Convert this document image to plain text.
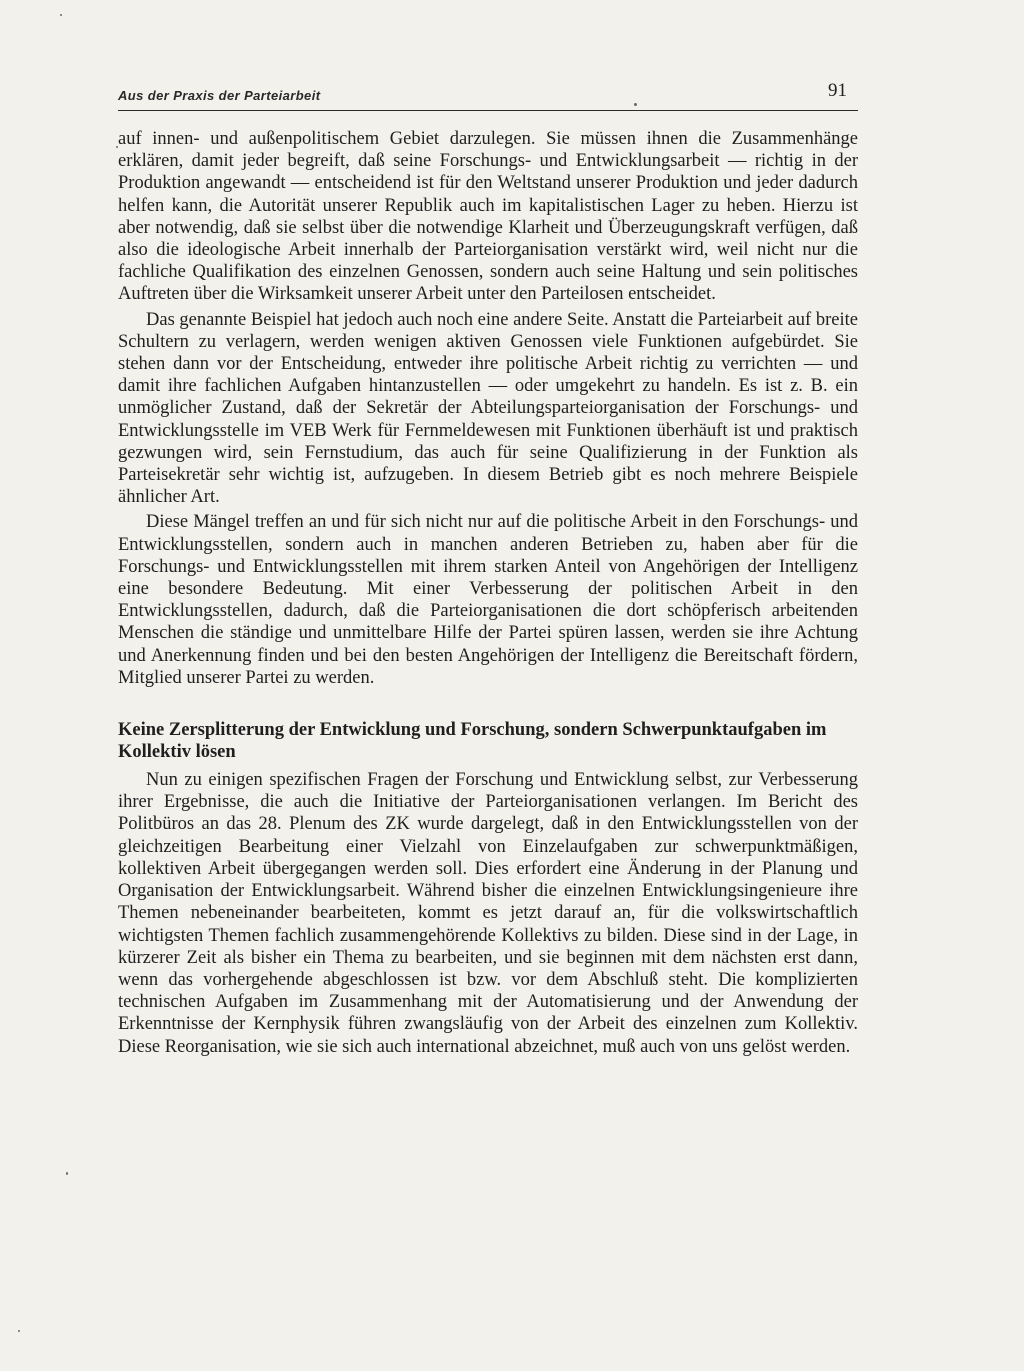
Aus der Praxis der Parteiarbeit	91

auf innen- und außenpolitischem Gebiet darzulegen. Sie müssen ihnen die Zusammenhänge erklären, damit jeder begreift, daß seine Forschungs- und Entwicklungsarbeit — richtig in der Produktion angewandt — entscheidend ist für den Weltstand unserer Produktion und jeder dadurch helfen kann, die Autorität unserer Republik auch im kapitalistischen Lager zu heben. Hierzu ist aber notwendig, daß sie selbst über die notwendige Klarheit und Überzeugungskraft verfügen, daß also die ideologische Arbeit innerhalb der Parteiorganisation verstärkt wird, weil nicht nur die fachliche Qualifikation des einzelnen Genossen, sondern auch seine Haltung und sein politisches Auftreten über die Wirksamkeit unserer Arbeit unter den Parteilosen entscheidet.

Das genannte Beispiel hat jedoch auch noch eine andere Seite. Anstatt die Parteiarbeit auf breite Schultern zu verlagern, werden wenigen aktiven Genossen viele Funktionen aufgebürdet. Sie stehen dann vor der Entscheidung, entweder ihre politische Arbeit richtig zu verrichten — und damit ihre fachlichen Aufgaben hintanzustellen — oder umgekehrt zu handeln. Es ist z. B. ein unmöglicher Zustand, daß der Sekretär der Abteilungsparteiorganisation der Forschungs- und Entwicklungsstelle im VEB Werk für Fernmeldewesen mit Funktionen überhäuft ist und praktisch gezwungen wird, sein Fernstudium, das auch für seine Qualifizierung in der Funktion als Parteisekretär sehr wichtig ist, aufzugeben. In diesem Betrieb gibt es noch mehrere Beispiele ähnlicher Art.

Diese Mängel treffen an und für sich nicht nur auf die politische Arbeit in den Forschungs- und Entwicklungsstellen, sondern auch in manchen anderen Betrieben zu, haben aber für die Forschungs- und Entwicklungsstellen mit ihrem starken Anteil von Angehörigen der Intelligenz eine besondere Bedeutung. Mit einer Verbesserung der politischen Arbeit in den Entwicklungsstellen, dadurch, daß die Parteiorganisationen die dort schöpferisch arbeitenden Menschen die ständige und unmittelbare Hilfe der Partei spüren lassen, werden sie ihre Achtung und Anerkennung finden und bei den besten Angehörigen der Intelligenz die Bereitschaft fördern, Mitglied unserer Partei zu werden.

Keine Zersplitterung der Entwicklung und Forschung, sondern Schwerpunktaufgaben im Kollektiv lösen

Nun zu einigen spezifischen Fragen der Forschung und Entwicklung selbst, zur Verbesserung ihrer Ergebnisse, die auch die Initiative der Parteiorganisationen verlangen. Im Bericht des Politbüros an das 28. Plenum des ZK wurde dargelegt, daß in den Entwicklungsstellen von der gleichzeitigen Bearbeitung einer Vielzahl von Einzelaufgaben zur schwerpunktmäßigen, kollektiven Arbeit übergegangen werden soll. Dies erfordert eine Änderung in der Planung und Organisation der Entwicklungsarbeit. Während bisher die einzelnen Entwicklungsingenieure ihre Themen nebeneinander bearbeiteten, kommt es jetzt darauf an, für die volkswirtschaftlich wichtigsten Themen fachlich zusammengehörende Kollektivs zu bilden. Diese sind in der Lage, in kürzerer Zeit als bisher ein Thema zu bearbeiten, und sie beginnen mit dem nächsten erst dann, wenn das vorhergehende abgeschlossen ist bzw. vor dem Abschluß steht. Die komplizierten technischen Aufgaben im Zusammenhang mit der Automatisierung und der Anwendung der Erkenntnisse der Kernphysik führen zwangsläufig von der Arbeit des einzelnen zum Kollektiv. Diese Reorganisation, wie sie sich auch international abzeichnet, muß auch von uns gelöst werden.
